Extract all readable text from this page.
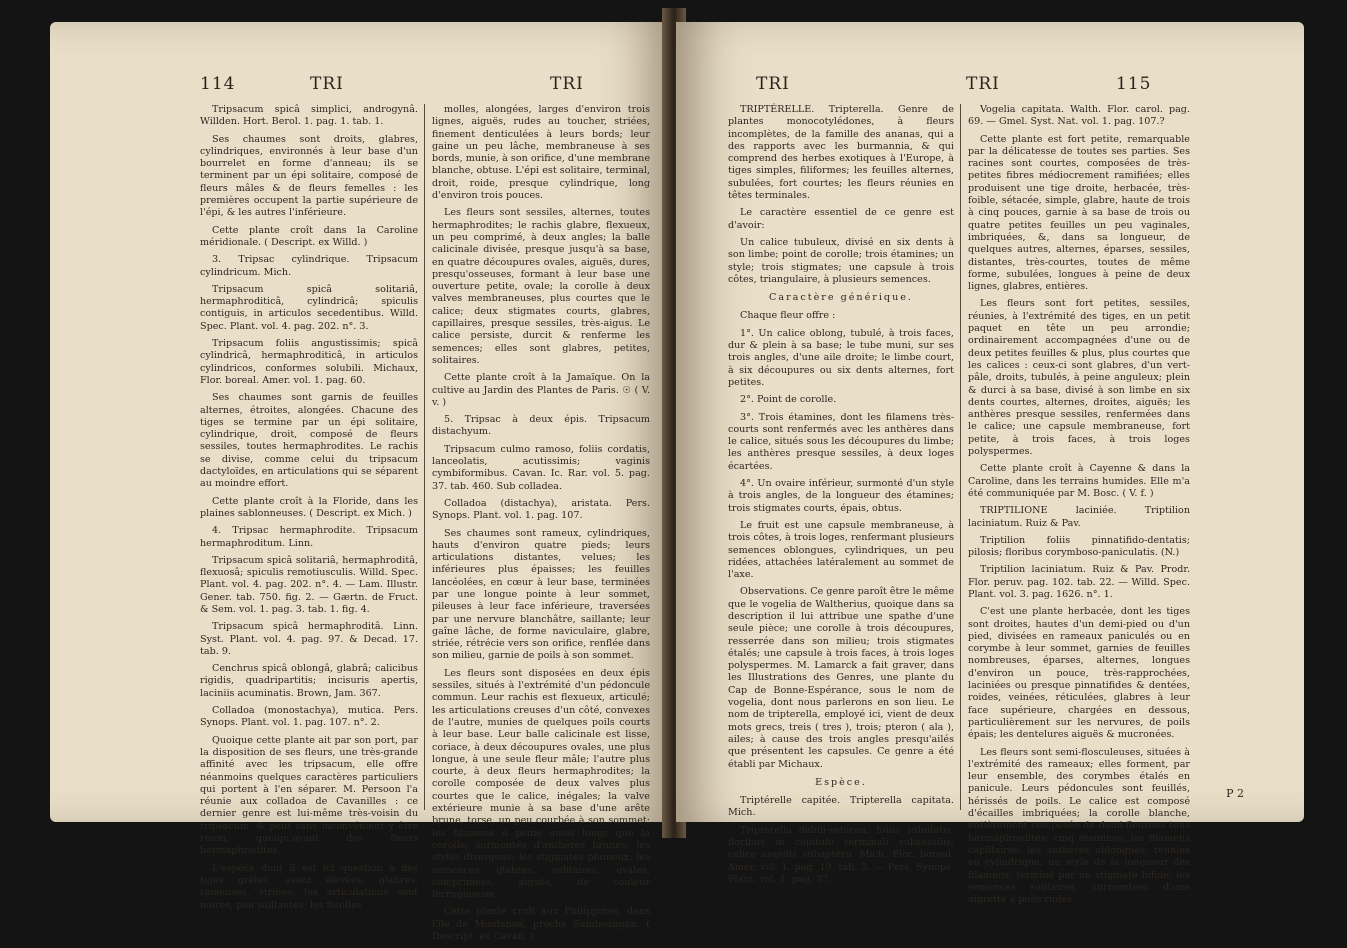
114	TRI	TRI

Tripsacum spicâ simplici, androgynâ. Willden. Hort. Berol. 1. pag. 1. tab. 1.

Ses chaumes sont droits, glabres, cylindriques, environnés à leur base d'un bourrelet en forme d'anneau; ils se terminent par un épi solitaire, composé de fleurs mâles & de fleurs femelles : les premières occupent la partie supérieure de l'épi, & les autres l'inférieure.

Cette plante croît dans la Caroline méridionale. ( Descript. ex Willd. )

3. Tripsac cylindrique. Tripsacum cylindricum. Mich.

Tripsacum spicâ solitariâ, hermaphroditicâ, cylindricâ; spiculis contiguis, in articulos secedentibus. Willd. Spec. Plant. vol. 4. pag. 202. n°. 3.

Tripsacum foliis angustissimis; spicâ cylindricâ, hermaphroditicâ, in articulos cylindricos, conformes solubili. Michaux, Flor. boreal. Amer. vol. 1. pag. 60.

Ses chaumes sont garnis de feuilles alternes, étroites, alongées. Chacune des tiges se termine par un épi solitaire, cylindrique, droit, composé de fleurs sessiles, toutes hermaphrodites. Le rachis se divise, comme celui du tripsacum dactyloïdes, en articulations qui se séparent au moindre effort.

Cette plante croît à la Floride, dans les plaines sablonneuses. ( Descript. ex Mich. )

4. Tripsac hermaphrodite. Tripsacum hermaphroditum. Linn.

Tripsacum spicâ solitariâ, hermaphroditâ, flexuosâ; spiculis remotiusculis. Willd. Spec. Plant. vol. 4. pag. 202. n°. 4. — Lam. Illustr. Gener. tab. 750. fig. 2. — Gærtn. de Fruct. & Sem. vol. 1. pag. 3. tab. 1. fig. 4.

Tripsacum spicâ hermaphroditâ. Linn. Syst. Plant. vol. 4. pag. 97. & Decad. 17. tab. 9.

Cenchrus spicâ oblongâ, glabrâ; calicibus rigidis, quadripartitis; incisuris apertis, laciniis acuminatis. Brown, Jam. 367.

Colladoa (monostachya), mutica. Pers. Synops. Plant. vol. 1. pag. 107. n°. 2.

Quoique cette plante ait par son port, par la disposition de ses fleurs, une très-grande affinité avec les tripsacum, elle offre néanmoins quelques caractères particuliers qui portent à l'en séparer. M. Persoon l'a réunie aux colladoa de Cavanilles : ce dernier genre est lui-même très-voisin du tripsacum, & peut sans inconvénient y être réuni, quoiqu'ayant des fleurs hermaphrodites.

L'espèce dont il est ici question a des tiges grêles, assez élevées, glabres, rameuses, striées; les articulations sont noires, peu saillantes; les feuilles

molles, alongées, larges d'environ trois lignes, aiguës, rudes au toucher, striées, finement denticulées à leurs bords; leur gaine un peu lâche, membraneuse à ses bords, munie, à son orifice, d'une membrane blanche, obtuse. L'épi est solitaire, terminal, droit, roide, presque cylindrique, long d'environ trois pouces.

Les fleurs sont sessiles, alternes, toutes hermaphrodites; le rachis glabre, flexueux, un peu comprimé, à deux angles; la balle calicinale divisée, presque jusqu'à sa base, en quatre découpures ovales, aiguës, dures, presqu'osseuses, formant à leur base une ouverture petite, ovale; la corolle à deux valves membraneuses, plus courtes que le calice; deux stigmates courts, glabres, capillaires, presque sessiles, très-aigus. Le calice persiste, durcit & renferme les semences; elles sont glabres, petites, solitaires.

Cette plante croît à la Jamaïque. On la cultive au Jardin des Plantes de Paris. ☉ ( V. v. )

5. Tripsac à deux épis. Tripsacum distachyum.

Tripsacum culmo ramoso, foliis cordatis, lanceolatis, acutissimis; vaginis cymbiformibus. Cavan. Ic. Rar. vol. 5. pag. 37. tab. 460. Sub colladea.

Colladoa (distachya), aristata. Pers. Synops. Plant. vol. 1. pag. 107.

Ses chaumes sont rameux, cylindriques, hauts d'environ quatre pieds; leurs articulations distantes, velues; les inférieures plus épaisses; les feuilles lancéolées, en cœur à leur base, terminées par une longue pointe à leur sommet, pileuses à leur face inférieure, traversées par une nervure blanchâtre, saillante; leur gaîne lâche, de forme naviculaire, glabre, striée, rétrécie vers son orifice, renflée dans son milieu, garnie de poils à son sommet.

Les fleurs sont disposées en deux épis sessiles, situés à l'extrémité d'un pédoncule commun. Leur rachis est flexueux, articulé; les articulations creuses d'un côté, convexes de l'autre, munies de quelques poils courts à leur base. Leur balle calicinale est lisse, coriace, à deux découpures ovales, une plus longue, à une seule fleur mâle; l'autre plus courte, à deux fleurs hermaphrodites; la corolle composée de deux valves plus courtes que le calice, inégales; la valve extérieure munie à sa base d'une arête brune, torse, un peu courbée à son sommet; les filamens à peine aussi longs que la corolle, surmontés d'anthères brunes; les styles divergens; les stigmates plumeux; les semences glabres, solitaires, ovales, comprimées, aiguës, de couleur ferrugineuse.

Cette plante croît aux Philippines, dans l'île de Mindanoa, proche Samboangan. ( Descript. ex Cavan. )

TRI	TRI	115

TRIPTÉRELLE. Tripterella. Genre de plantes monocotylédones, à fleurs incomplètes, de la famille des ananas, qui a des rapports avec les burmannia, & qui comprend des herbes exotiques à l'Europe, à tiges simples, filiformes; les feuilles alternes, subulées, fort courtes; les fleurs réunies en têtes terminales.

Le caractère essentiel de ce genre est d'avoir:

Un calice tubuleux, divisé en six dents à son limbe; point de corolle; trois étamines; un style; trois stigmates; une capsule à trois côtes, triangulaire, à plusieurs semences.

Caractère générique.

Chaque fleur offre :

1°. Un calice oblong, tubulé, à trois faces, dur & plein à sa base; le tube muni, sur ses trois angles, d'une aile droite; le limbe court, à six découpures ou six dents alternes, fort petites.

2°. Point de corolle.

3°. Trois étamines, dont les filamens très-courts sont renfermés avec les anthères dans le calice, situés sous les découpures du limbe; les anthères presque sessiles, à deux loges écartées.

4°. Un ovaire inférieur, surmonté d'un style à trois angles, de la longueur des étamines; trois stigmates courts, épais, obtus.

Le fruit est une capsule membraneuse, à trois côtes, à trois loges, renfermant plusieurs semences oblongues, cylindriques, un peu ridées, attachées latéralement au sommet de l'axe.

Observations. Ce genre paroît être le même que le vogelia de Waltherius, quoique dans sa description il lui attribue une spathe d'une seule pièce; une corolle à trois découpures, resserrée dans son milieu; trois stigmates étalés; une capsule à trois faces, à trois loges polyspermes. M. Lamarck a fait graver, dans les Illustrations des Genres, une plante du Cap de Bonne-Espérance, sous le nom de vogelia, dont nous parlerons en son lieu. Le nom de tripterella, employé ici, vient de deux mots grecs, treis ( tres ), trois; pteron ( ala ), ailes; à cause des trois angles presqu'ailés que présentent les capsules. Ce genre a été établi par Michaux.

Espèce.

Triptérelle capitée. Tripterella capitata. Mich.

Tripterella debili-setacea, foliis subulatis; floribus in capitulo terminali subsessilis; calice angulis subaptero. Mich. Flor. boreal. Amer. vol. 1. pag. 19. tab. 3. — Pers. Synops. Plant. vol. 1. pag. 37.

Vogelia capitata. Walth. Flor. carol. pag. 69. — Gmel. Syst. Nat. vol. 1. pag. 107.?

Cette plante est fort petite, remarquable par la délicatesse de toutes ses parties. Ses racines sont courtes, composées de très-petites fibres médiocrement ramifiées; elles produisent une tige droite, herbacée, très-foible, sétacée, simple, glabre, haute de trois à cinq pouces, garnie à sa base de trois ou quatre petites feuilles un peu vaginales, imbriquées, &, dans sa longueur, de quelques autres, alternes, éparses, sessiles, distantes, très-courtes, toutes de même forme, subulées, longues à peine de deux lignes, glabres, entières.

Les fleurs sont fort petites, sessiles, réunies, à l'extrémité des tiges, en un petit paquet en tête un peu arrondie; ordinairement accompagnées d'une ou de deux petites feuilles & plus, plus courtes que les calices : ceux-ci sont glabres, d'un vert-pâle, droits, tubulés, à peine anguleux; plein & durci à sa base, divisé à son limbe en six dents courtes, alternes, droites, aiguës; les anthères presque sessiles, renfermées dans le calice; une capsule membraneuse, fort petite, à trois faces, à trois loges polyspermes.

Cette plante croît à Cayenne & dans la Caroline, dans les terrains humides. Elle m'a été communiquée par M. Bosc. ( V. f. )

TRIPTILIONE laciniée. Triptilion laciniatum. Ruiz & Pav.

Triptilion foliis pinnatifido-dentatis; pilosis; floribus corymboso-paniculatis. (N.)

Triptilion laciniatum. Ruiz & Pav. Prodr. Flor. peruv. pag. 102. tab. 22. — Willd. Spec. Plant. vol. 3. pag. 1626. n°. 1.

C'est une plante herbacée, dont les tiges sont droites, hautes d'un demi-pied ou d'un pied, divisées en rameaux paniculés ou en corymbe à leur sommet, garnies de feuilles nombreuses, éparses, alternes, longues d'environ un pouce, très-rapprochées, laciniées ou presque pinnatifides & dentées, roides, veinées, réticulées, glabres à leur face supérieure, chargées en dessous, particulièrement sur les nervures, de poils épais; les dentelures aiguës & mucronées.

Les fleurs sont semi-flosculeuses, situées à l'extrémité des rameaux; elles forment, par leur ensemble, des corymbes étalés en panicule. Leurs pédoncules sont feuillés, hérissés de poils. Le calice est composé d'écailles imbriquées; la corolle blanche, entièrement composée de demi-fleurons tous hermaphrodites; cinq étamines; les filamens capillaires; les anthères oblongues, réunies en cylindrique; un style de la longueur des filamens, terminé par un stigmate bifide; les semences solitaires, surmontées d'une aigrette à poils rudes.

P 2
